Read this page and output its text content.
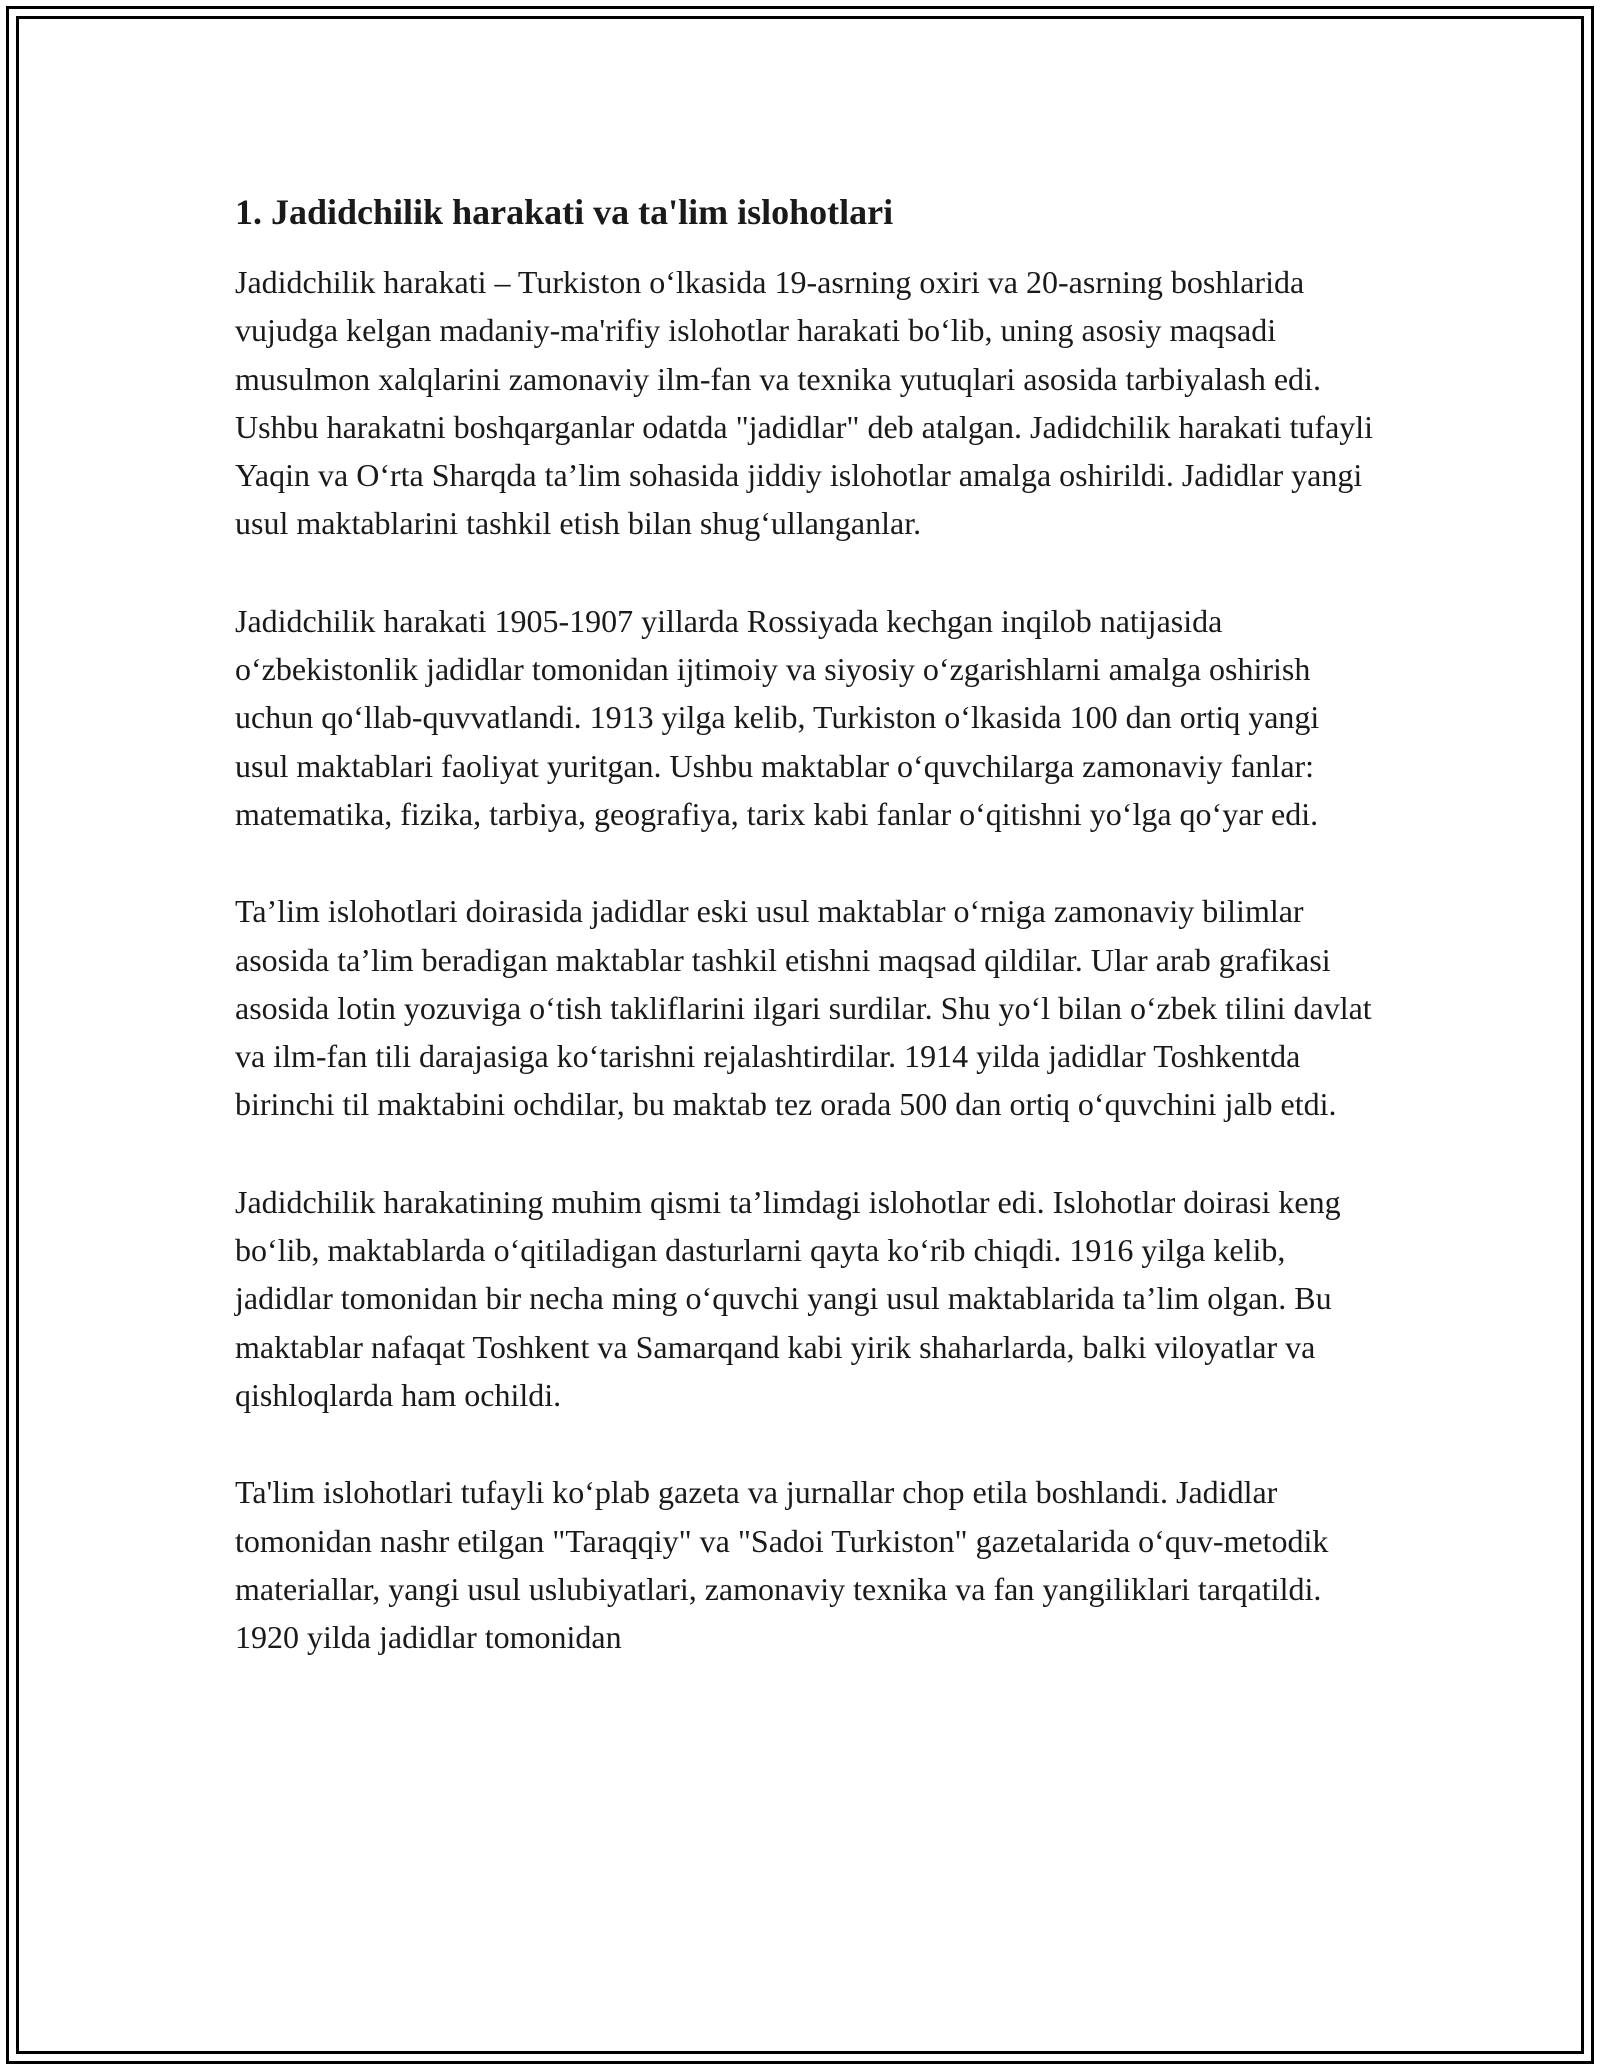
1. Jadidchilik harakati va ta'lim islohotlari

Jadidchilik harakati – Turkiston o‘lkasida 19-asrning oxiri va 20-asrning boshlarida vujudga kelgan madaniy-ma'rifiy islohotlar harakati bo‘lib, uning asosiy maqsadi musulmon xalqlarini zamonaviy ilm-fan va texnika yutuqlari asosida tarbiyalash edi. Ushbu harakatni boshqarganlar odatda "jadidlar" deb atalgan. Jadidchilik harakati tufayli Yaqin va O‘rta Sharqda ta’lim sohasida jiddiy islohotlar amalga oshirildi. Jadidlar yangi usul maktablarini tashkil etish bilan shug‘ullanganlar.

Jadidchilik harakati 1905-1907 yillarda Rossiyada kechgan inqilob natijasida o‘zbekistonlik jadidlar tomonidan ijtimoiy va siyosiy o‘zgarishlarni amalga oshirish uchun qo‘llab-quvvatlandi. 1913 yilga kelib, Turkiston o‘lkasida 100 dan ortiq yangi usul maktablari faoliyat yuritgan. Ushbu maktablar o‘quvchilarga zamonaviy fanlar: matematika, fizika, tarbiya, geografiya, tarix kabi fanlar o‘qitishni yo‘lga qo‘yar edi.

Ta’lim islohotlari doirasida jadidlar eski usul maktablar o‘rniga zamonaviy bilimlar asosida ta’lim beradigan maktablar tashkil etishni maqsad qildilar. Ular arab grafikasi asosida lotin yozuviga o‘tish takliflarini ilgari surdilar. Shu yo‘l bilan o‘zbek tilini davlat va ilm-fan tili darajasiga ko‘tarishni rejalashtirdilar. 1914 yilda jadidlar Toshkentda birinchi til maktabini ochdilar, bu maktab tez orada 500 dan ortiq o‘quvchini jalb etdi.

Jadidchilik harakatining muhim qismi ta’limdagi islohotlar edi. Islohotlar doirasi keng bo‘lib, maktablarda o‘qitiladigan dasturlarni qayta ko‘rib chiqdi. 1916 yilga kelib, jadidlar tomonidan bir necha ming o‘quvchi yangi usul maktablarida ta’lim olgan. Bu maktablar nafaqat Toshkent va Samarqand kabi yirik shaharlarda, balki viloyatlar va qishloqlarda ham ochildi.

Ta'lim islohotlari tufayli ko‘plab gazeta va jurnallar chop etila boshlandi. Jadidlar tomonidan nashr etilgan "Taraqqiy" va "Sadoi Turkiston" gazetalarida o‘quv-metodik materiallar, yangi usul uslubiyatlari, zamonaviy texnika va fan yangiliklari tarqatildi. 1920 yilda jadidlar tomonidan
